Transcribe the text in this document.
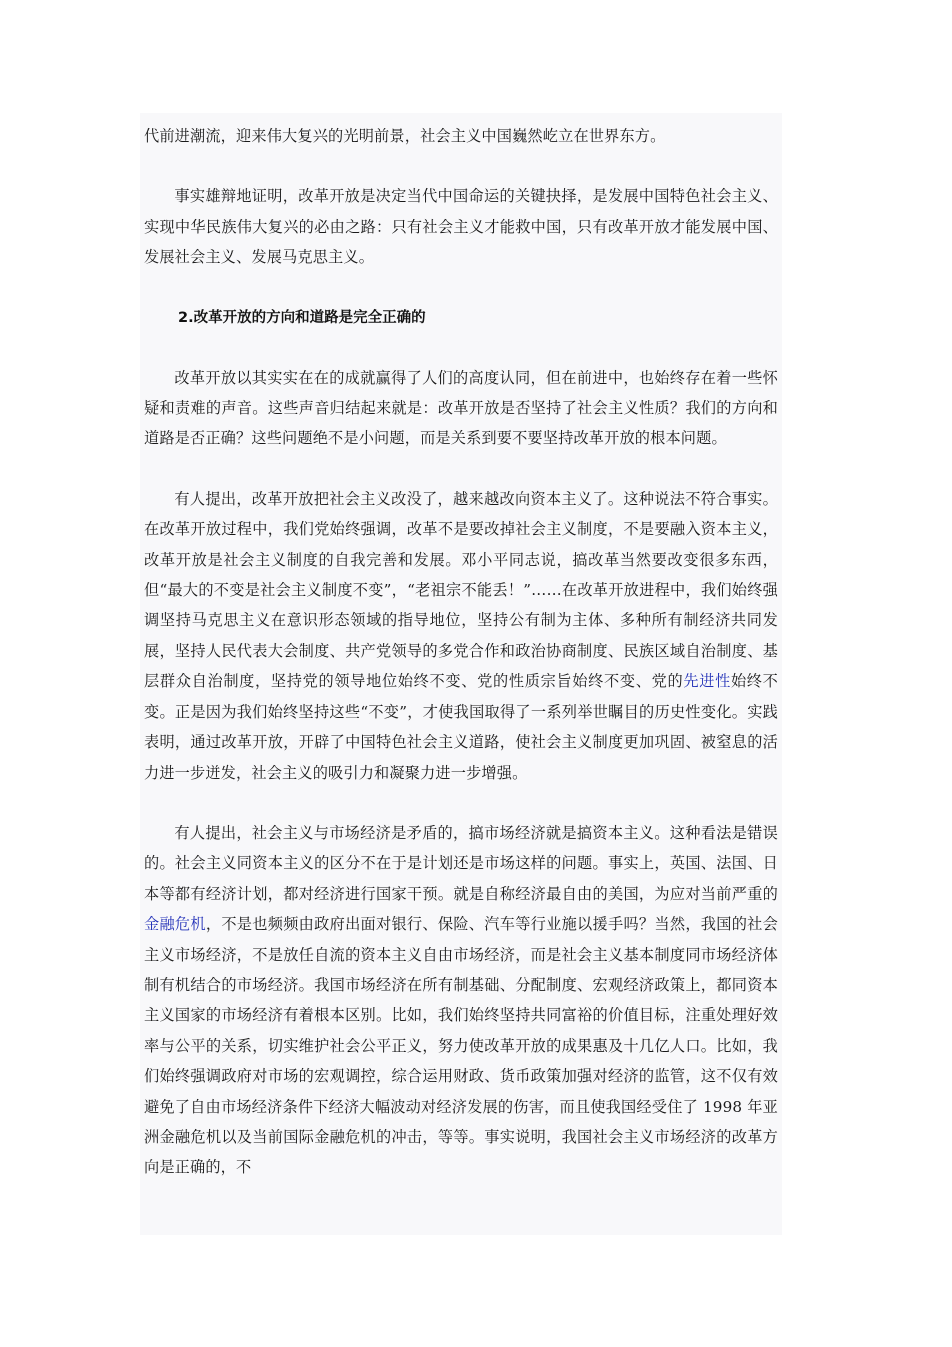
代前进潮流，迎来伟大复兴的光明前景，社会主义中国巍然屹立在世界东方。

事实雄辩地证明，改革开放是决定当代中国命运的关键抉择，是发展中国特色社会主义、实现中华民族伟大复兴的必由之路：只有社会主义才能救中国，只有改革开放才能发展中国、发展社会主义、发展马克思主义。

2.改革开放的方向和道路是完全正确的

改革开放以其实实在在的成就赢得了人们的高度认同，但在前进中，也始终存在着一些怀疑和责难的声音。这些声音归结起来就是：改革开放是否坚持了社会主义性质？我们的方向和道路是否正确？这些问题绝不是小问题，而是关系到要不要坚持改革开放的根本问题。

有人提出，改革开放把社会主义改没了，越来越改向资本主义了。这种说法不符合事实。在改革开放过程中，我们党始终强调，改革不是要改掉社会主义制度，不是要融入资本主义，改革开放是社会主义制度的自我完善和发展。邓小平同志说，搞改革当然要改变很多东西，但“最大的不变是社会主义制度不变”，“老祖宗不能丢！”……在改革开放进程中，我们始终强调坚持马克思主义在意识形态领域的指导地位，坚持公有制为主体、多种所有制经济共同发展，坚持人民代表大会制度、共产党领导的多党合作和政治协商制度、民族区域自治制度、基层群众自治制度，坚持党的领导地位始终不变、党的性质宗旨始终不变、党的先进性始终不变。正是因为我们始终坚持这些“不变”，才使我国取得了一系列举世瞩目的历史性变化。实践表明，通过改革开放，开辟了中国特色社会主义道路，使社会主义制度更加巩固、被窒息的活力进一步迸发，社会主义的吸引力和凝聚力进一步增强。

有人提出，社会主义与市场经济是矛盾的，搞市场经济就是搞资本主义。这种看法是错误的。社会主义同资本主义的区分不在于是计划还是市场这样的问题。事实上，英国、法国、日本等都有经济计划，都对经济进行国家干预。就是自称经济最自由的美国，为应对当前严重的金融危机，不是也频频由政府出面对银行、保险、汽车等行业施以援手吗？当然，我国的社会主义市场经济，不是放任自流的资本主义自由市场经济，而是社会主义基本制度同市场经济体制有机结合的市场经济。我国市场经济在所有制基础、分配制度、宏观经济政策上，都同资本主义国家的市场经济有着根本区别。比如，我们始终坚持共同富裕的价值目标，注重处理好效率与公平的关系，切实维护社会公平正义，努力使改革开放的成果惠及十几亿人口。比如，我们始终强调政府对市场的宏观调控，综合运用财政、货币政策加强对经济的监管，这不仅有效避免了自由市场经济条件下经济大幅波动对经济发展的伤害，而且使我国经受住了 1998 年亚洲金融危机以及当前国际金融危机的冲击，等等。事实说明，我国社会主义市场经济的改革方向是正确的，不
